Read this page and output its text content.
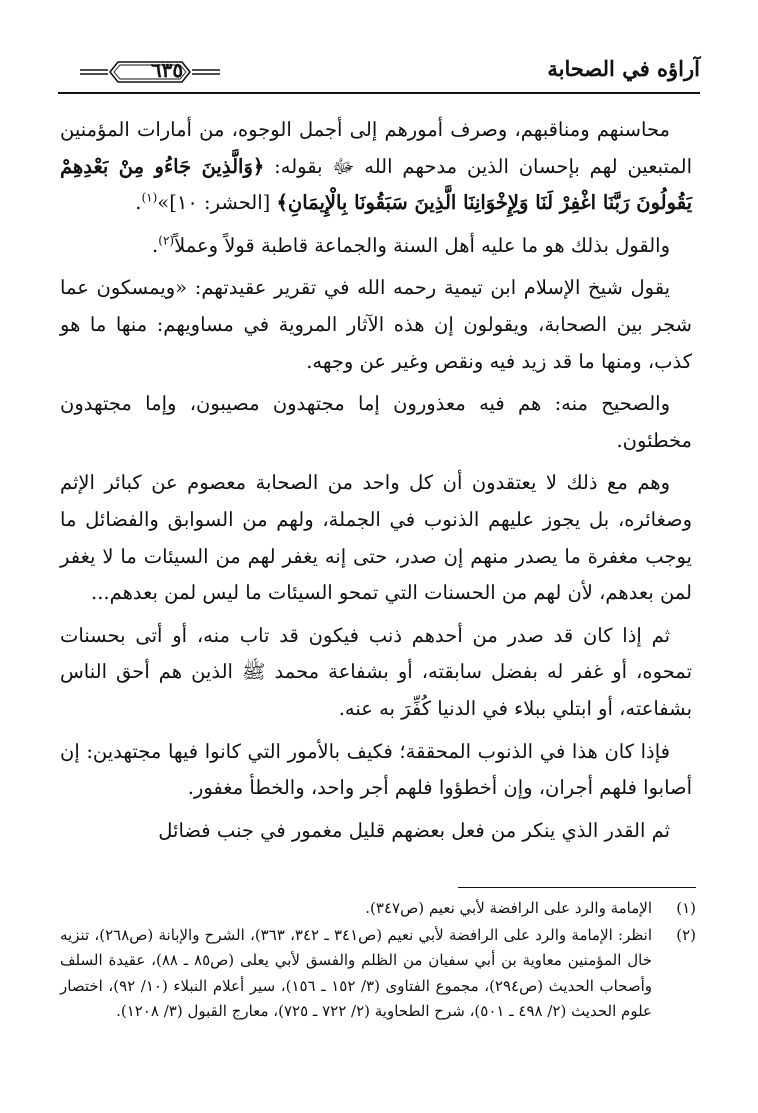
آراؤه في الصحابة
٦٣٥

محاسنهم ومناقبهم، وصرف أمورهم إلى أجمل الوجوه، من أمارات المؤمنين المتبعين لهم بإحسان الذين مدحهم الله ﷻ بقوله: ﴿وَالَّذِينَ جَاءُو مِنْ بَعْدِهِمْ يَقُولُونَ رَبَّنَا اغْفِرْ لَنَا وَلِإِخْوَانِنَا الَّذِينَ سَبَقُونَا بِالْإِيمَانِ﴾ [الحشر: ١٠]»$^{(١)}$.

والقول بذلك هو ما عليه أهل السنة والجماعة قاطبة قولاً وعملاً$^{(٢)}$.

يقول شيخ الإسلام ابن تيمية رحمه الله في تقرير عقيدتهم: «ويمسكون عما شجر بين الصحابة، ويقولون إن هذه الآثار المروية في مساويهم: منها ما هو كذب، ومنها ما قد زيد فيه ونقص وغير عن وجهه.

والصحيح منه: هم فيه معذورون إما مجتهدون مصيبون، وإما مجتهدون مخطئون.

وهم مع ذلك لا يعتقدون أن كل واحد من الصحابة معصوم عن كبائر الإثم وصغائره، بل يجوز عليهم الذنوب في الجملة، ولهم من السوابق والفضائل ما يوجب مغفرة ما يصدر منهم إن صدر، حتى إنه يغفر لهم من السيئات ما لا يغفر لمن بعدهم، لأن لهم من الحسنات التي تمحو السيئات ما ليس لمن بعدهم...

ثم إذا كان قد صدر من أحدهم ذنب فيكون قد تاب منه، أو أتى بحسنات تمحوه، أو غفر له بفضل سابقته، أو بشفاعة محمد ﷺ الذين هم أحق الناس بشفاعته، أو ابتلي ببلاء في الدنيا كُفِّرَ به عنه.

فإذا كان هذا في الذنوب المحققة؛ فكيف بالأمور التي كانوا فيها مجتهدين: إن أصابوا فلهم أجران، وإن أخطؤوا فلهم أجر واحد، والخطأ مغفور.

ثم القدر الذي ينكر من فعل بعضهم قليل مغمور في جنب فضائل

(١)
الإمامة والرد على الرافضة لأبي نعيم (ص٣٤٧).
(٢)
انظر: الإمامة والرد على الرافضة لأبي نعيم (ص٣٤١ ـ ٣٤٢، ٣٦٣)، الشرح والإبانة (ص٢٦٨)، تنزيه خال المؤمنين معاوية بن أبي سفيان من الظلم والفسق لأبي يعلى (ص٨٥ ـ ٨٨)، عقيدة السلف وأصحاب الحديث (ص٢٩٤)، مجموع الفتاوى (٣/ ١٥٢ ـ ١٥٦)، سير أعلام النبلاء (١٠/ ٩٢)، اختصار علوم الحديث (٢/ ٤٩٨ ـ ٥٠١)، شرح الطحاوية (٢/ ٧٢٢ ـ ٧٢٥)، معارج القبول (٣/ ١٢٠٨).
